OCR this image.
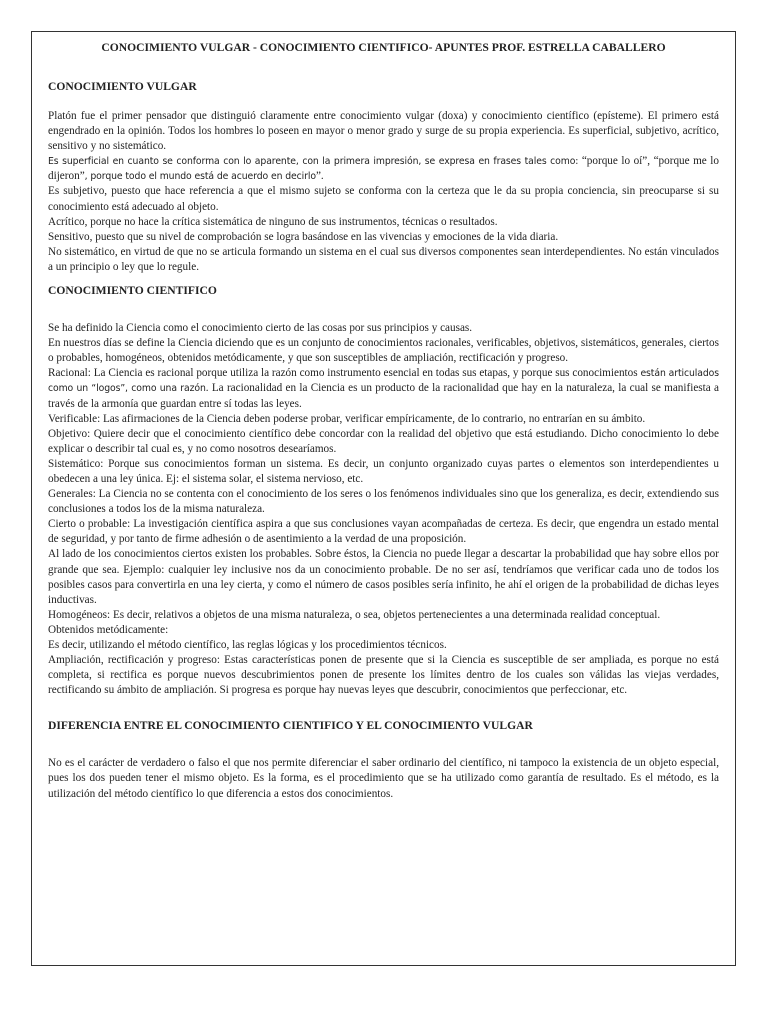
CONOCIMIENTO VULGAR - CONOCIMIENTO CIENTIFICO- APUNTES PROF. ESTRELLA CABALLERO
CONOCIMIENTO VULGAR

Platón fue el primer pensador que distinguió claramente entre conocimiento vulgar (doxa) y conocimiento científico (epísteme). El primero está engendrado en la opinión. Todos los hombres lo poseen en mayor o menor grado y surge de su propia experiencia. Es superficial, subjetivo, acrítico, sensitivo y no sistemático.

Es superficial en cuanto se conforma con lo aparente, con la primera impresión, se expresa en frases tales como: “porque lo oí”, “porque me lo dijeron”, porque todo el mundo está de acuerdo en decirlo”.

Es subjetivo, puesto que hace referencia a que el mismo sujeto se conforma con la certeza que le da su propia conciencia, sin preocuparse si su conocimiento está adecuado al objeto.

Acrítico, porque no hace la crítica sistemática de ninguno de sus instrumentos, técnicas o resultados.

Sensitivo, puesto que su nivel de comprobación se logra basándose en las vivencias y emociones de la vida diaria.

No sistemático, en virtud de que no se articula formando un sistema en el cual sus diversos componentes sean interdependientes. No están vinculados a un principio o ley que lo regule.

CONOCIMIENTO CIENTIFICO

Se ha definido la Ciencia como el conocimiento cierto de las cosas por sus principios y causas.

En nuestros días se define la Ciencia diciendo que es un conjunto de conocimientos racionales, verificables, objetivos, sistemáticos, generales, ciertos o probables, homogéneos, obtenidos metódicamente, y que son susceptibles de ampliación, rectificación y progreso.

Racional: La Ciencia es racional porque utiliza la razón como instrumento esencial en todas sus etapas, y porque sus conocimientos están articulados como un “logos”, como una razón. La racionalidad en la Ciencia es un producto de la racionalidad que hay en la naturaleza, la cual se manifiesta a través de la armonía que guardan entre sí todas las leyes.

Verificable: Las afirmaciones de la Ciencia deben poderse probar, verificar empíricamente, de lo contrario, no entrarían en su ámbito.

Objetivo: Quiere decir que el conocimiento científico debe concordar con la realidad del objetivo que está estudiando. Dicho conocimiento lo debe explicar o describir tal cual es, y no como nosotros desearíamos.

Sistemático: Porque sus conocimientos forman un sistema. Es decir, un conjunto organizado cuyas partes o elementos son interdependientes u obedecen a una ley única. Ej: el sistema solar, el sistema nervioso, etc.

Generales: La Ciencia no se contenta con el conocimiento de los seres o los fenómenos individuales sino que los generaliza, es decir, extendiendo sus conclusiones a todos los de la misma naturaleza.

Cierto o probable: La investigación científica aspira a que sus conclusiones vayan acompañadas de certeza. Es decir, que engendra un estado mental de seguridad, y por tanto de firme adhesión o de asentimiento a la verdad de una proposición.

Al lado de los conocimientos ciertos existen los probables. Sobre éstos, la Ciencia no puede llegar a descartar la probabilidad que hay sobre ellos por grande que sea. Ejemplo: cualquier ley inclusive nos da un conocimiento probable. De no ser así, tendríamos que verificar cada uno de todos los posibles casos para convertirla en una ley cierta, y como el número de casos posibles sería infinito, he ahí el origen de la probabilidad de dichas leyes inductivas.

Homogéneos: Es decir, relativos a objetos de una misma naturaleza, o sea, objetos pertenecientes a una determinada realidad conceptual.

Obtenidos metódicamente:

Es decir, utilizando el método científico, las reglas lógicas y los procedimientos técnicos.

Ampliación, rectificación y progreso: Estas características ponen de presente que si la Ciencia es susceptible de ser ampliada, es porque no está completa, si rectifica es porque nuevos descubrimientos ponen de presente los límites dentro de los cuales son válidas las viejas verdades, rectificando su ámbito de ampliación. Si progresa es porque hay nuevas leyes que descubrir, conocimientos que perfeccionar, etc.

DIFERENCIA ENTRE EL CONOCIMIENTO CIENTIFICO Y EL CONOCIMIENTO VULGAR

No es el carácter de verdadero o falso el que nos permite diferenciar el saber ordinario del científico, ni tampoco la existencia de un objeto especial, pues los dos pueden tener el mismo objeto. Es la forma, es el procedimiento que se ha utilizado como garantía de resultado. Es el método, es la utilización del método científico lo que diferencia a estos dos conocimientos.
